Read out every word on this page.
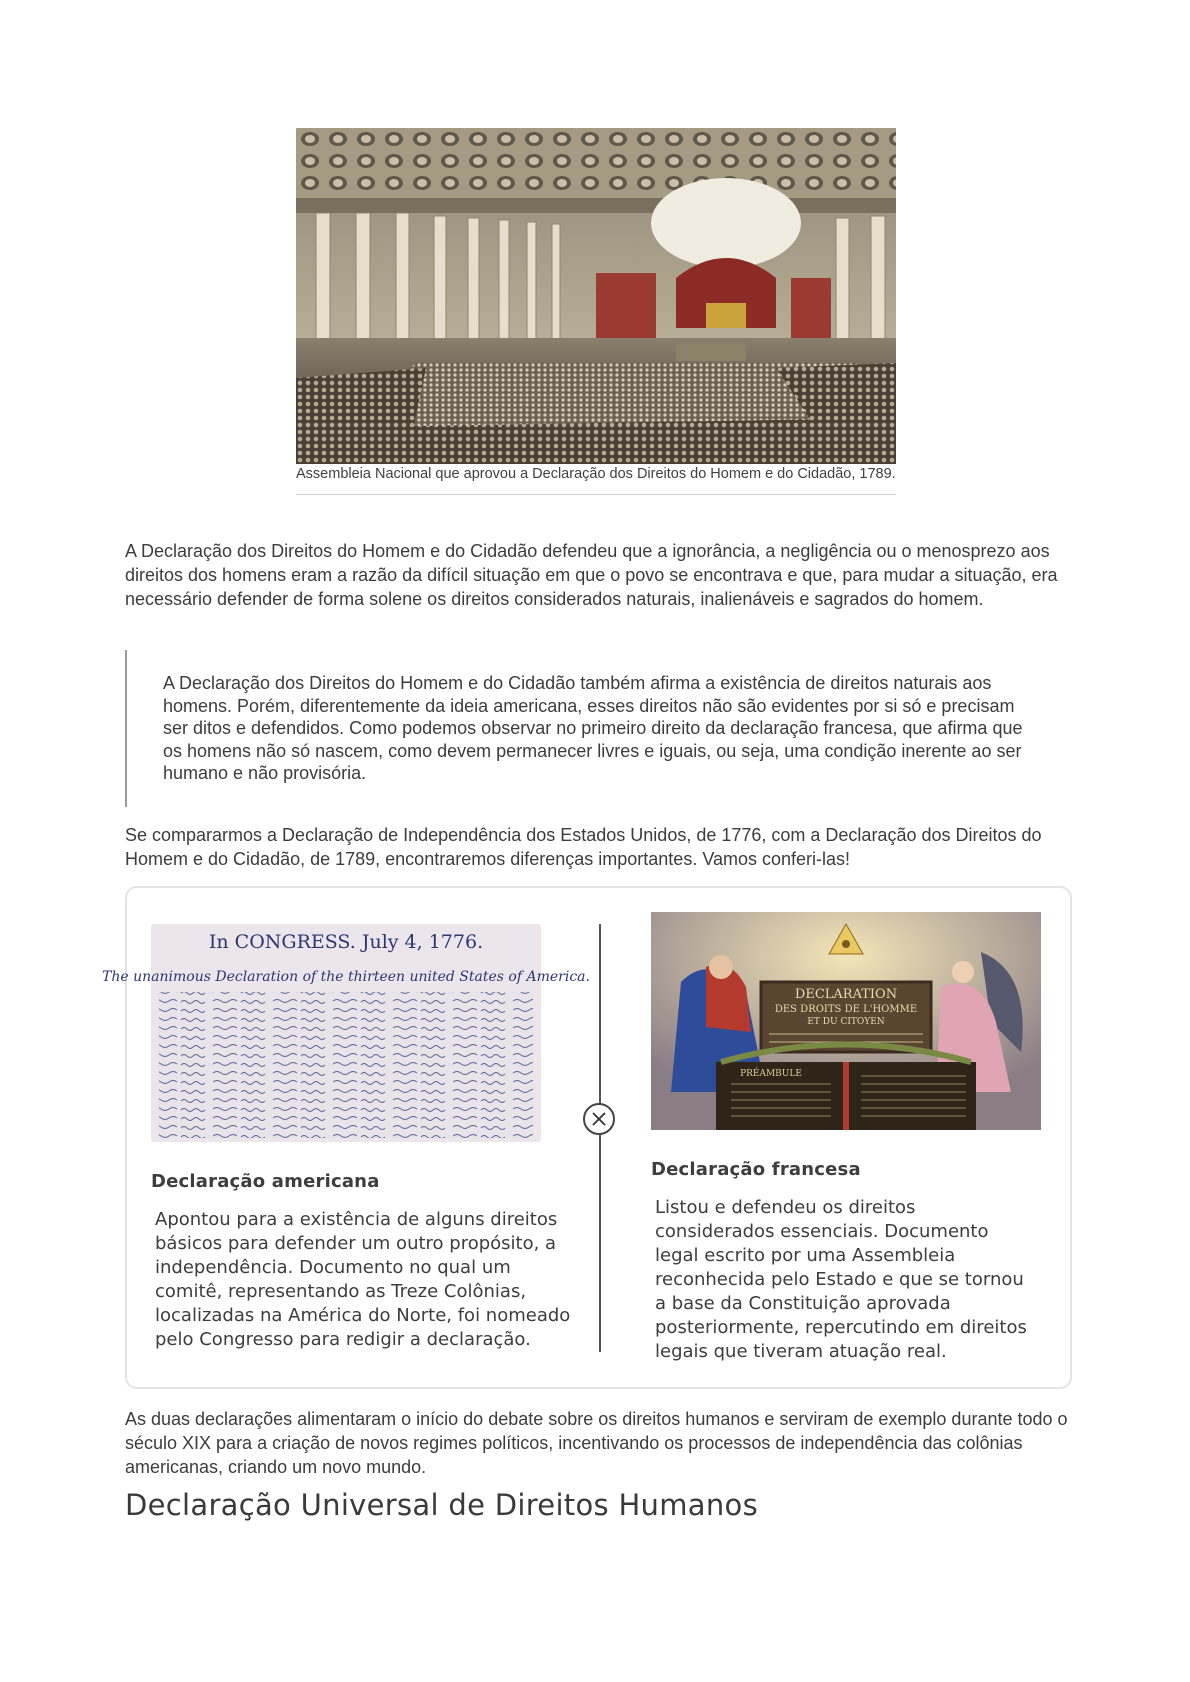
Assembleia Nacional que aprovou a Declaração dos Direitos do Homem e do Cidadão, 1789.

A Declaração dos Direitos do Homem e do Cidadão defendeu que a ignorância, a negligência ou o menosprezo aos direitos dos homens eram a razão da difícil situação em que o povo se encontrava e que, para mudar a situação, era necessário defender de forma solene os direitos considerados naturais, inalienáveis e sagrados do homem.

A Declaração dos Direitos do Homem e do Cidadão também afirma a existência de direitos naturais aos homens. Porém, diferentemente da ideia americana, esses direitos não são evidentes por si só e precisam ser ditos e defendidos. Como podemos observar no primeiro direito da declaração francesa, que afirma que os homens não só nascem, como devem permanecer livres e iguais, ou seja, uma condição inerente ao ser humano e não provisória.

Se compararmos a Declaração de Independência dos Estados Unidos, de 1776, com a Declaração dos Direitos do Homem e do Cidadão, de 1789, encontraremos diferenças importantes. Vamos conferi-las!

In CONGRESS. July 4, 1776.
The unanimous Declaration of the thirteen united States of America.
Declaração americana

Apontou para a existência de alguns direitos básicos para defender um outro propósito, a independência. Documento no qual um comitê, representando as Treze Colônias, localizadas na América do Norte, foi nomeado pelo Congresso para redigir a declaração.

DECLARATION
DES DROITS DE L'HOMME
ET DU CITOYEN
PRÉAMBULE
Declaração francesa

Listou e defendeu os direitos considerados essenciais. Documento legal escrito por uma Assembleia reconhecida pelo Estado e que se tornou a base da Constituição aprovada posteriormente, repercutindo em direitos legais que tiveram atuação real.

As duas declarações alimentaram o início do debate sobre os direitos humanos e serviram de exemplo durante todo o século XIX para a criação de novos regimes políticos, incentivando os processos de independência das colônias americanas, criando um novo mundo.

Declaração Universal de Direitos Humanos
